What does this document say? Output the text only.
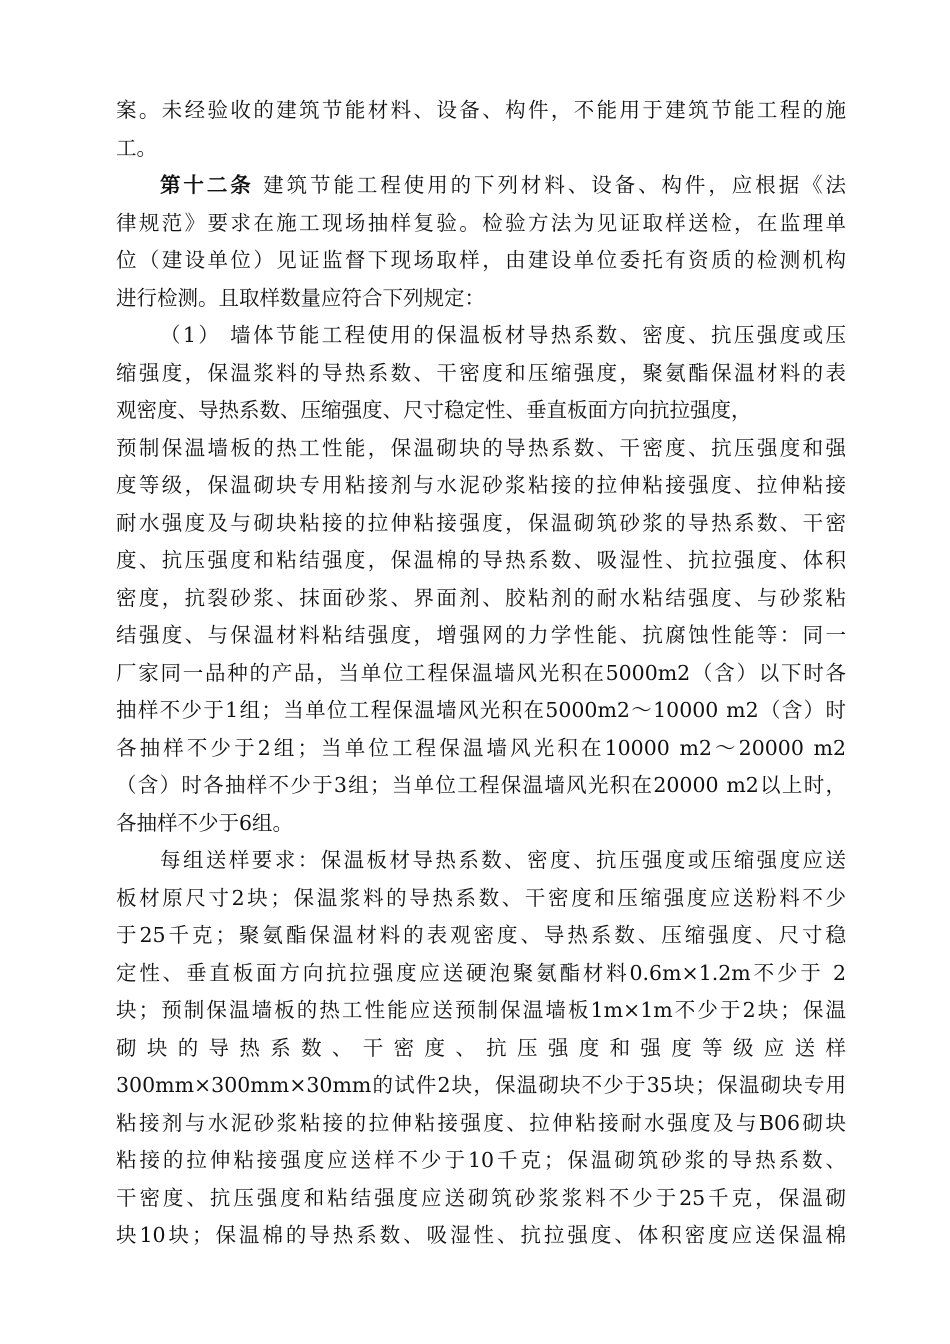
案。未经验收的建筑节能材料、设备、构件，不能用于建筑节能工程的施
工。
第十二条 建筑节能工程使用的下列材料、设备、构件，应根据《法
律规范》要求在施工现场抽样复验。检验方法为见证取样送检，在监理单
位（建设单位）见证监督下现场取样，由建设单位委托有资质的检测机构
进行检测。且取样数量应符合下列规定：
（1） 墙体节能工程使用的保温板材导热系数、密度、抗压强度或压
缩强度，保温浆料的导热系数、干密度和压缩强度，聚氨酯保温材料的表
观密度、导热系数、压缩强度、尺寸稳定性、垂直板面方向抗拉强度，
预制保温墙板的热工性能，保温砌块的导热系数、干密度、抗压强度和强
度等级，保温砌块专用粘接剂与水泥砂浆粘接的拉伸粘接强度、拉伸粘接
耐水强度及与砌块粘接的拉伸粘接强度，保温砌筑砂浆的导热系数、干密
度、抗压强度和粘结强度，保温棉的导热系数、吸湿性、抗拉强度、体积
密度，抗裂砂浆、抹面砂浆、界面剂、胶粘剂的耐水粘结强度、与砂浆粘
结强度、与保温材料粘结强度，增强网的力学性能、抗腐蚀性能等：同一
厂家同一品种的产品，当单位工程保温墙风光积在5000m2（含）以下时各
抽样不少于1组；当单位工程保温墙风光积在5000m2～10000 m2（含）时
各抽样不少于2组；当单位工程保温墙风光积在10000 m2～20000 m2
（含）时各抽样不少于3组；当单位工程保温墙风光积在20000 m2以上时，
各抽样不少于6组。
每组送样要求：保温板材导热系数、密度、抗压强度或压缩强度应送
板材原尺寸2块；保温浆料的导热系数、干密度和压缩强度应送粉料不少
于25千克；聚氨酯保温材料的表观密度、导热系数、压缩强度、尺寸稳
定性、垂直板面方向抗拉强度应送硬泡聚氨酯材料0.6m×1.2m不少于 2
块；预制保温墙板的热工性能应送预制保温墙板1m×1m不少于2块；保温
砌块的导热系数、干密度、抗压强度和强度等级应送样
300mm×300mm×30mm的试件2块，保温砌块不少于35块；保温砌块专用
粘接剂与水泥砂浆粘接的拉伸粘接强度、拉伸粘接耐水强度及与B06砌块
粘接的拉伸粘接强度应送样不少于10千克；保温砌筑砂浆的导热系数、
干密度、抗压强度和粘结强度应送砌筑砂浆浆料不少于25千克，保温砌
块10块；保温棉的导热系数、吸湿性、抗拉强度、体积密度应送保温棉
